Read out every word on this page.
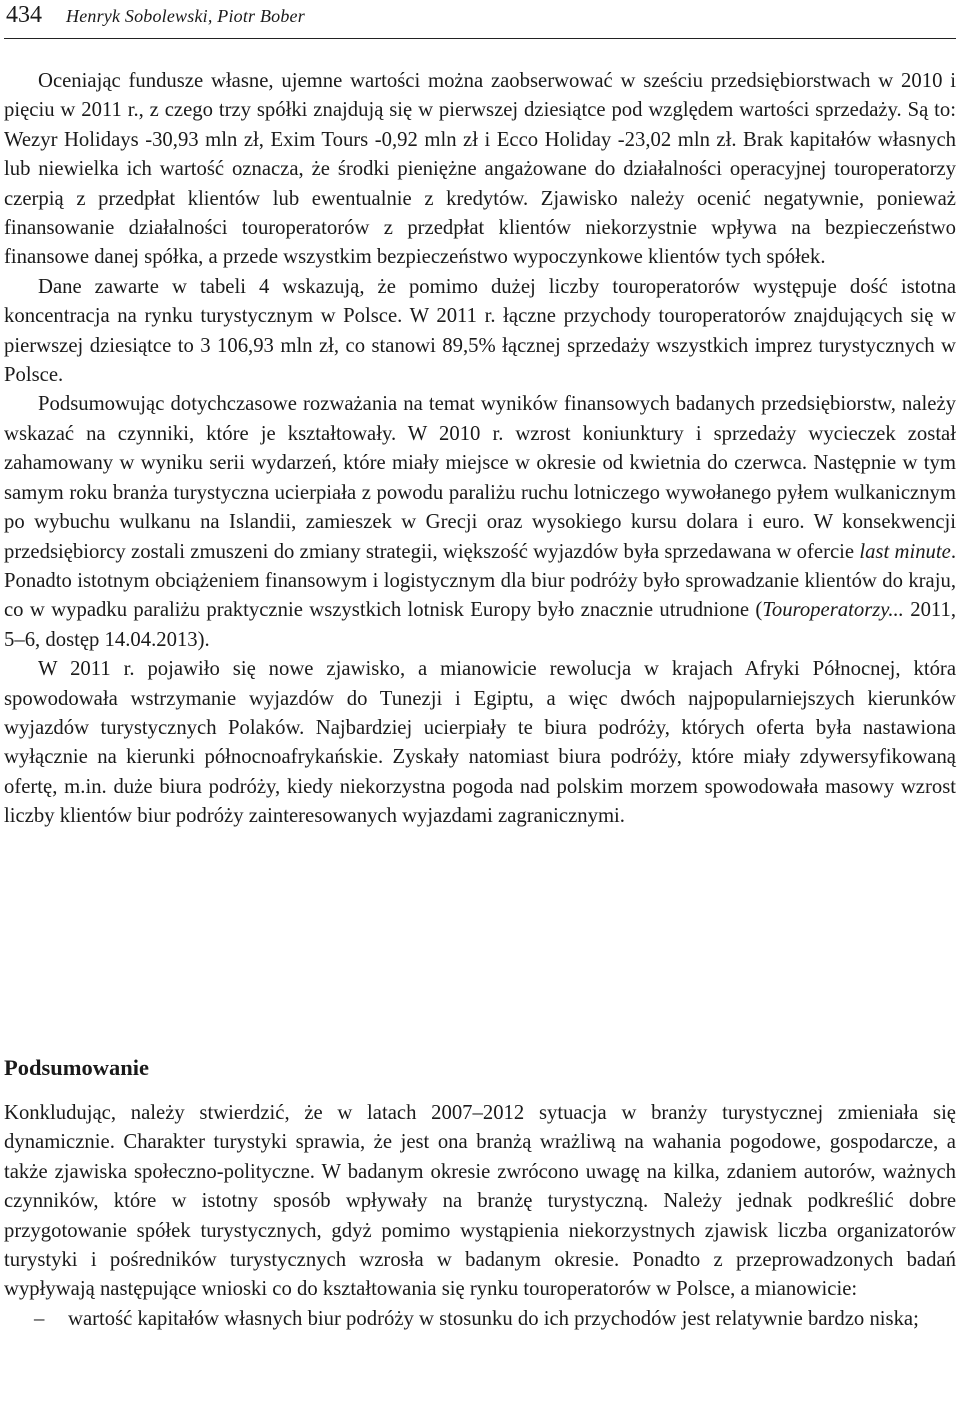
434 Henryk Sobolewski, Piotr Bober

Oceniając fundusze własne, ujemne wartości można zaobserwować w sześciu przedsiębiorstwach w 2010 i pięciu w 2011 r., z czego trzy spółki znajdują się w pierwszej dziesiątce pod względem wartości sprzedaży. Są to: Wezyr Holidays -30,93 mln zł, Exim Tours -0,92 mln zł i Ecco Holiday -23,02 mln zł. Brak kapitałów własnych lub niewielka ich wartość oznacza, że środki pieniężne angażowane do działalności operacyjnej touroperatorzy czerpią z przedpłat klientów lub ewentualnie z kredytów. Zjawisko należy ocenić negatywnie, ponieważ finansowanie działalności touroperatorów z przedpłat klientów niekorzystnie wpływa na bezpieczeństwo finansowe danej spółka, a przede wszystkim bezpieczeństwo wypoczynkowe klientów tych spółek.

Dane zawarte w tabeli 4 wskazują, że pomimo dużej liczby touroperatorów występuje dość istotna koncentracja na rynku turystycznym w Polsce. W 2011 r. łączne przychody touroperatorów znajdujących się w pierwszej dziesiątce to 3 106,93 mln zł, co stanowi 89,5% łącznej sprzedaży wszystkich imprez turystycznych w Polsce.

Podsumowując dotychczasowe rozważania na temat wyników finansowych badanych przedsiębiorstw, należy wskazać na czynniki, które je kształtowały. W 2010 r. wzrost koniunktury i sprzedaży wycieczek został zahamowany w wyniku serii wydarzeń, które miały miejsce w okresie od kwietnia do czerwca. Następnie w tym samym roku branża turystyczna ucierpiała z powodu paraliżu ruchu lotniczego wywołanego pyłem wulkanicznym po wybuchu wulkanu na Islandii, zamieszek w Grecji oraz wysokiego kursu dolara i euro. W konsekwencji przedsiębiorcy zostali zmuszeni do zmiany strategii, większość wyjazdów była sprzedawana w ofercie last minute. Ponadto istotnym obciążeniem finansowym i logistycznym dla biur podróży było sprowadzanie klientów do kraju, co w wypadku paraliżu praktycznie wszystkich lotnisk Europy było znacznie utrudnione (Touroperatorzy... 2011, 5–6, dostęp 14.04.2013).

W 2011 r. pojawiło się nowe zjawisko, a mianowicie rewolucja w krajach Afryki Północnej, która spowodowała wstrzymanie wyjazdów do Tunezji i Egiptu, a więc dwóch najpopularniejszych kierunków wyjazdów turystycznych Polaków. Najbardziej ucierpiały te biura podróży, których oferta była nastawiona wyłącznie na kierunki północnoafrykańskie. Zyskały natomiast biura podróży, które miały zdywersyfikowaną ofertę, m.in. duże biura podróży, kiedy niekorzystna pogoda nad polskim morzem spowodowała masowy wzrost liczby klientów biur podróży zainteresowanych wyjazdami zagranicznymi.

Podsumowanie

Konkludując, należy stwierdzić, że w latach 2007–2012 sytuacja w branży turystycznej zmieniała się dynamicznie. Charakter turystyki sprawia, że jest ona branżą wrażliwą na wahania pogodowe, gospodarcze, a także zjawiska społeczno-polityczne. W badanym okresie zwrócono uwagę na kilka, zdaniem autorów, ważnych czynników, które w istotny sposób wpływały na branżę turystyczną. Należy jednak podkreślić dobre przygotowanie spółek turystycznych, gdyż pomimo wystąpienia niekorzystnych zjawisk liczba organizatorów turystyki i pośredników turystycznych wzrosła w badanym okresie. Ponadto z przeprowadzonych badań wypływają następujące wnioski co do kształtowania się rynku touroperatorów w Polsce, a mianowicie:

– wartość kapitałów własnych biur podróży w stosunku do ich przychodów jest relatywnie bardzo niska;
